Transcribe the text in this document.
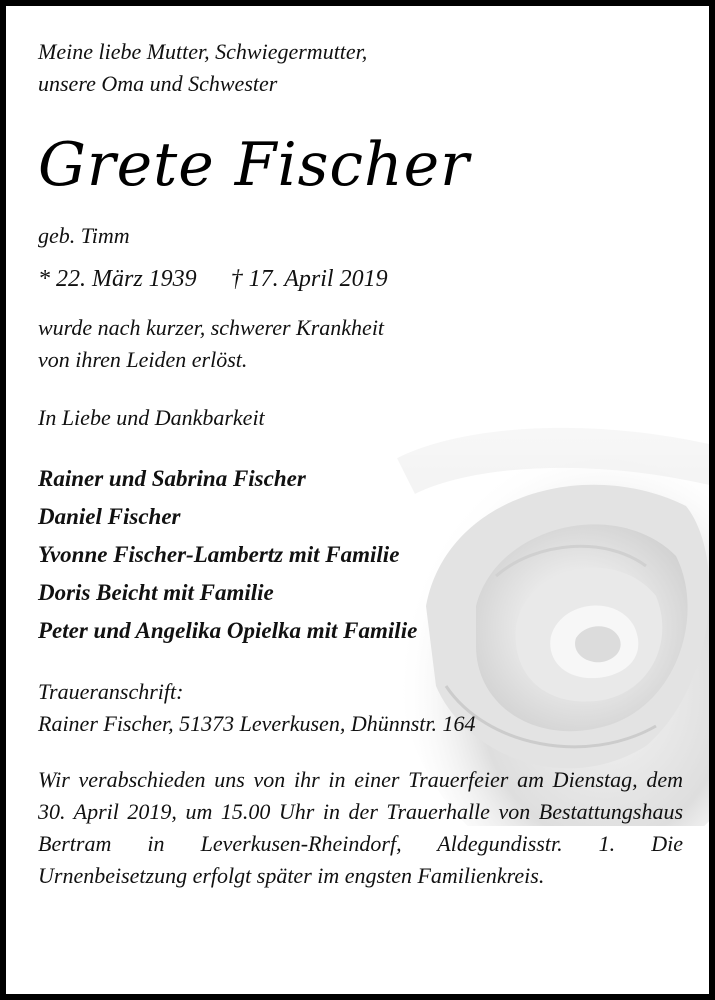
Meine liebe Mutter, Schwiegermutter,
unsere Oma und Schwester
Grete Fischer
geb. Timm
* 22. März 1939 † 17. April 2019
wurde nach kurzer, schwerer Krankheit
von ihren Leiden erlöst.
In Liebe und Dankbarkeit
Rainer und Sabrina Fischer
Daniel Fischer
Yvonne Fischer-Lambertz mit Familie
Doris Beicht mit Familie
Peter und Angelika Opielka mit Familie
Traueranschrift:
Rainer Fischer, 51373 Leverkusen, Dhünnstr. 164
Wir verabschieden uns von ihr in einer Trauerfeier am Dienstag, dem 30. April 2019, um 15.00 Uhr in der Trauerhalle von Bestattungshaus Bertram in Leverkusen-Rheindorf, Aldegundisstr. 1. Die Urnenbeisetzung erfolgt später im engsten Familienkreis.
